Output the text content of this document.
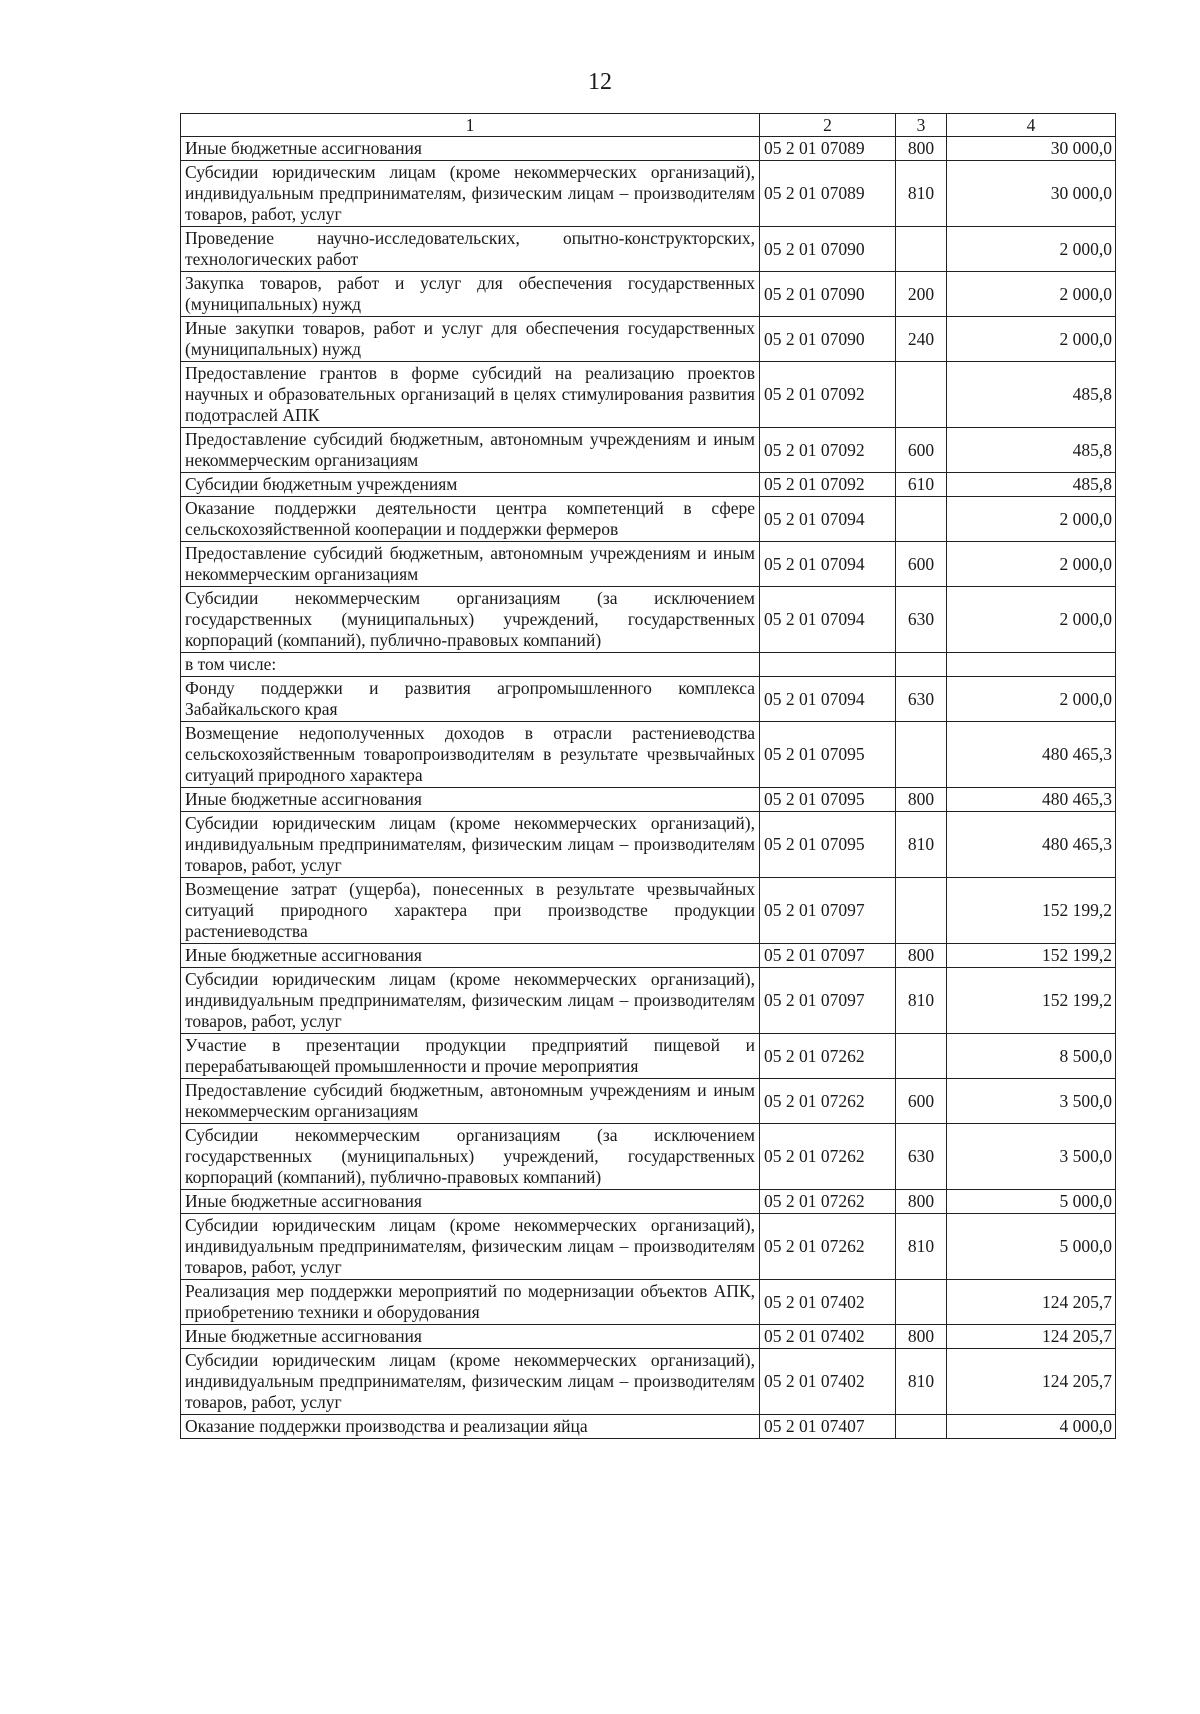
12
1	2	3	4
Иные бюджетные ассигнования	05 2 01 07089	800	30 000,0
Субсидии юридическим лицам (кроме некоммерческих организаций), индивидуальным предпринимателям, физическим лицам – производителям товаров, работ, услуг	05 2 01 07089	810	30 000,0
Проведение научно-исследовательских, опытно-конструкторских, технологических работ	05 2 01 07090		2 000,0
Закупка товаров, работ и услуг для обеспечения государственных (муниципальных) нужд	05 2 01 07090	200	2 000,0
Иные закупки товаров, работ и услуг для обеспечения государственных (муниципальных) нужд	05 2 01 07090	240	2 000,0
Предоставление грантов в форме субсидий на реализацию проектов научных и образовательных организаций в целях стимулирования развития подотраслей АПК	05 2 01 07092		485,8
Предоставление субсидий бюджетным, автономным учреждениям и иным некоммерческим организациям	05 2 01 07092	600	485,8
Субсидии бюджетным учреждениям	05 2 01 07092	610	485,8
Оказание поддержки деятельности центра компетенций в сфере сельскохозяйственной кооперации и поддержки фермеров	05 2 01 07094		2 000,0
Предоставление субсидий бюджетным, автономным учреждениям и иным некоммерческим организациям	05 2 01 07094	600	2 000,0
Субсидии некоммерческим организациям (за исключением государственных (муниципальных) учреждений, государственных корпораций (компаний), публично-правовых компаний)	05 2 01 07094	630	2 000,0
в том числе:			
Фонду поддержки и развития агропромышленного комплекса Забайкальского края	05 2 01 07094	630	2 000,0
Возмещение недополученных доходов в отрасли растениеводства сельскохозяйственным товаропроизводителям в результате чрезвычайных ситуаций природного характера	05 2 01 07095		480 465,3
Иные бюджетные ассигнования	05 2 01 07095	800	480 465,3
Субсидии юридическим лицам (кроме некоммерческих организаций), индивидуальным предпринимателям, физическим лицам – производителям товаров, работ, услуг	05 2 01 07095	810	480 465,3
Возмещение затрат (ущерба), понесенных в результате чрезвычайных ситуаций природного характера при производстве продукции растениеводства	05 2 01 07097		152 199,2
Иные бюджетные ассигнования	05 2 01 07097	800	152 199,2
Субсидии юридическим лицам (кроме некоммерческих организаций), индивидуальным предпринимателям, физическим лицам – производителям товаров, работ, услуг	05 2 01 07097	810	152 199,2
Участие в презентации продукции предприятий пищевой и перерабатывающей промышленности и прочие мероприятия	05 2 01 07262		8 500,0
Предоставление субсидий бюджетным, автономным учреждениям и иным некоммерческим организациям	05 2 01 07262	600	3 500,0
Субсидии некоммерческим организациям (за исключением государственных (муниципальных) учреждений, государственных корпораций (компаний), публично-правовых компаний)	05 2 01 07262	630	3 500,0
Иные бюджетные ассигнования	05 2 01 07262	800	5 000,0
Субсидии юридическим лицам (кроме некоммерческих организаций), индивидуальным предпринимателям, физическим лицам – производителям товаров, работ, услуг	05 2 01 07262	810	5 000,0
Реализация мер поддержки мероприятий по модернизации объектов АПК, приобретению техники и оборудования	05 2 01 07402		124 205,7
Иные бюджетные ассигнования	05 2 01 07402	800	124 205,7
Субсидии юридическим лицам (кроме некоммерческих организаций), индивидуальным предпринимателям, физическим лицам – производителям товаров, работ, услуг	05 2 01 07402	810	124 205,7
Оказание поддержки производства и реализации яйца	05 2 01 07407		4 000,0
